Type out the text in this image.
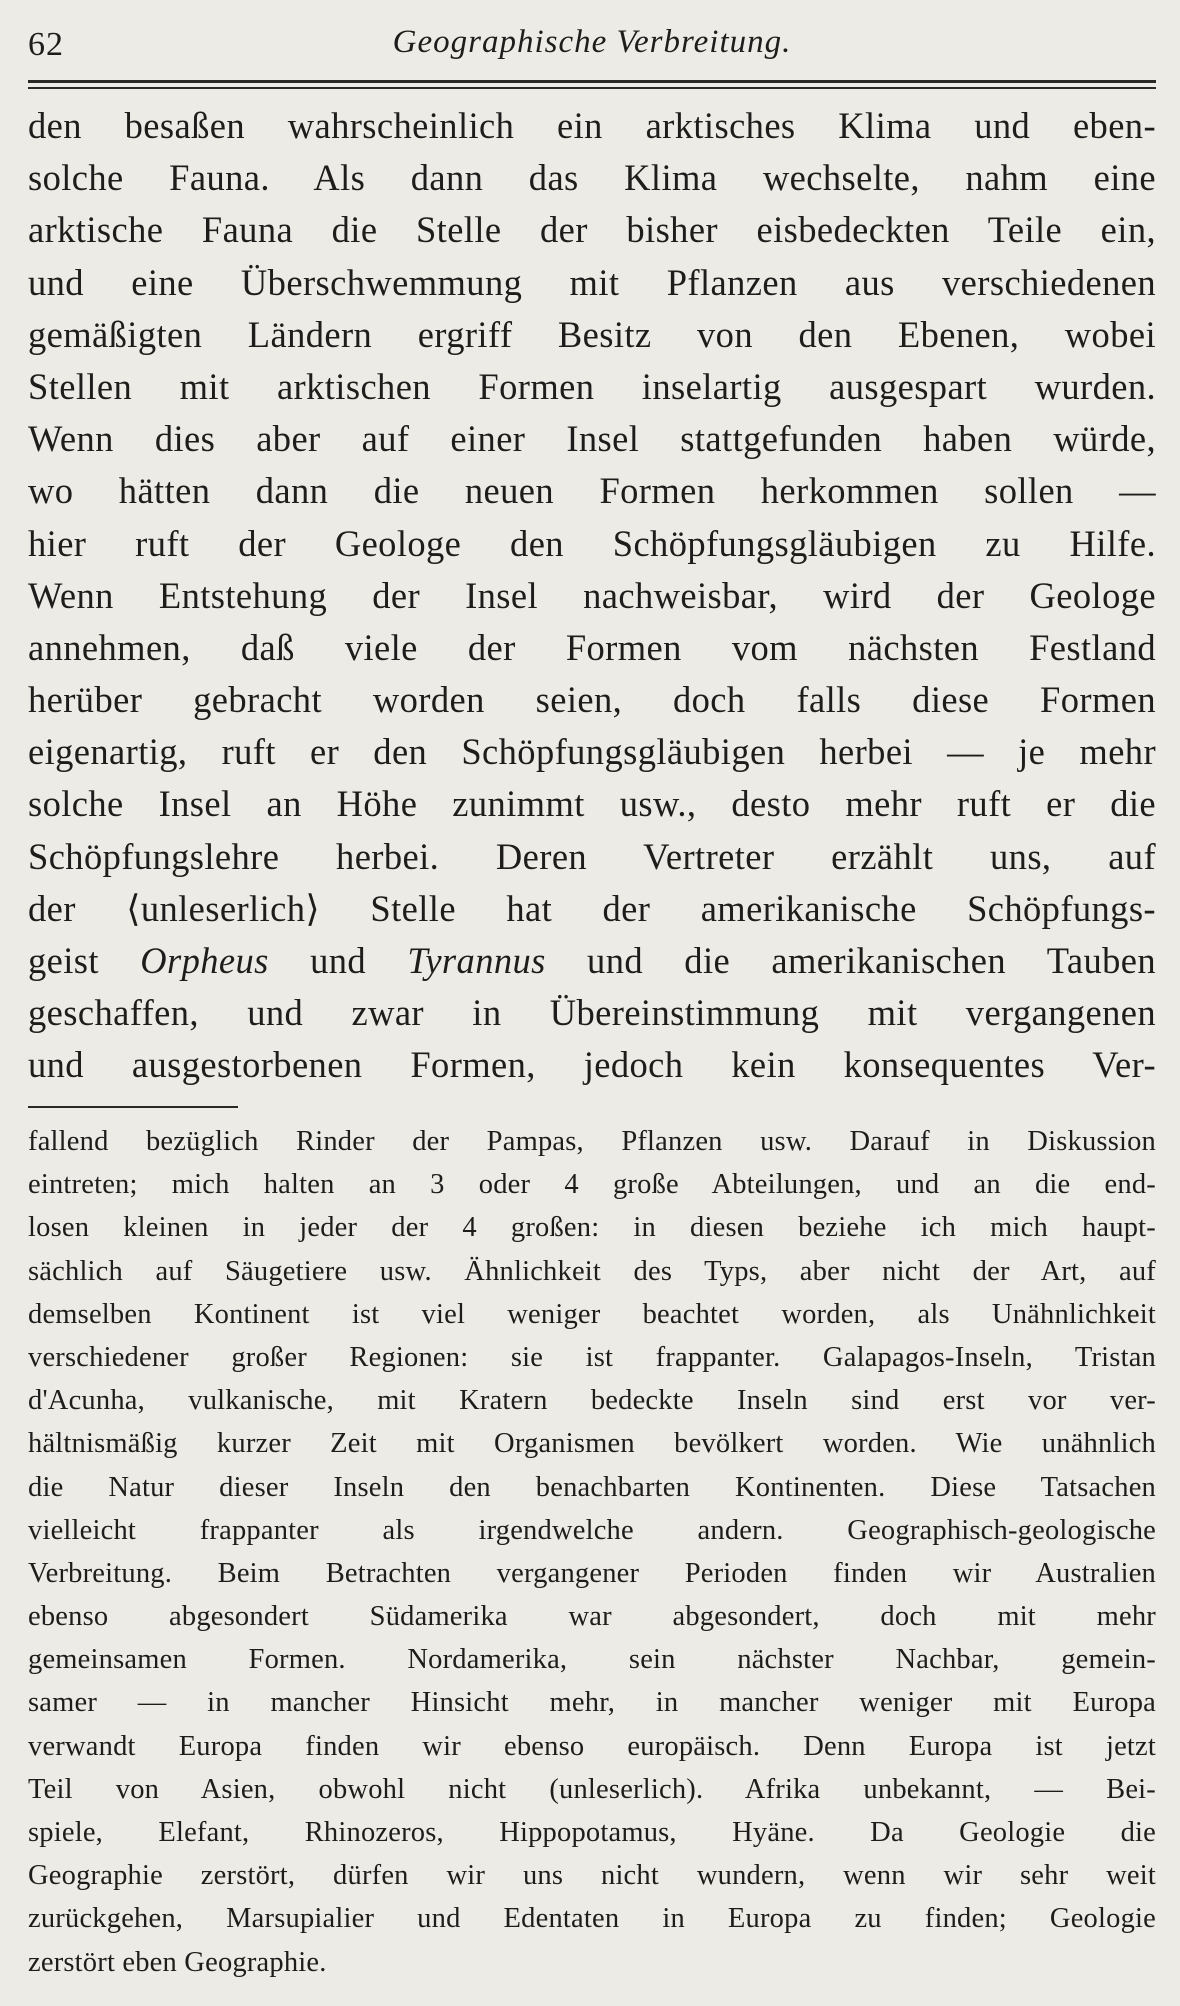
62	Geographische Verbreitung.
den besaßen wahrscheinlich ein arktisches Klima und eben-
solche Fauna. Als dann das Klima wechselte, nahm eine
arktische Fauna die Stelle der bisher eisbedeckten Teile ein,
und eine Überschwemmung mit Pflanzen aus verschiedenen
gemäßigten Ländern ergriff Besitz von den Ebenen, wobei
Stellen mit arktischen Formen inselartig ausgespart wurden.
Wenn dies aber auf einer Insel stattgefunden haben würde,
wo hätten dann die neuen Formen herkommen sollen —
hier ruft der Geologe den Schöpfungsgläubigen zu Hilfe.
Wenn Entstehung der Insel nachweisbar, wird der Geologe
annehmen, daß viele der Formen vom nächsten Festland
herüber gebracht worden seien, doch falls diese Formen
eigenartig, ruft er den Schöpfungsgläubigen herbei — je mehr
solche Insel an Höhe zunimmt usw., desto mehr ruft er die
Schöpfungslehre herbei. Deren Vertreter erzählt uns, auf
der ⟨unleserlich⟩ Stelle hat der amerikanische Schöpfungs-
geist Orpheus und Tyrannus und die amerikanischen Tauben
geschaffen, und zwar in Übereinstimmung mit vergangenen
und ausgestorbenen Formen, jedoch kein konsequentes Ver-
fallend bezüglich Rinder der Pampas, Pflanzen usw. Darauf in Diskussion
eintreten; mich halten an 3 oder 4 große Abteilungen, und an die end-
losen kleinen in jeder der 4 großen: in diesen beziehe ich mich haupt-
sächlich auf Säugetiere usw. Ähnlichkeit des Typs, aber nicht der Art, auf
demselben Kontinent ist viel weniger beachtet worden, als Unähnlichkeit
verschiedener großer Regionen: sie ist frappanter. Galapagos-Inseln, Tristan
d'Acunha, vulkanische, mit Kratern bedeckte Inseln sind erst vor ver-
hältnismäßig kurzer Zeit mit Organismen bevölkert worden. Wie unähnlich
die Natur dieser Inseln den benachbarten Kontinenten. Diese Tatsachen
vielleicht frappanter als irgendwelche andern. Geographisch-geologische
Verbreitung. Beim Betrachten vergangener Perioden finden wir Australien
ebenso abgesondert Südamerika war abgesondert, doch mit mehr
gemeinsamen Formen. Nordamerika, sein nächster Nachbar, gemein-
samer — in mancher Hinsicht mehr, in mancher weniger mit Europa
verwandt Europa finden wir ebenso europäisch. Denn Europa ist jetzt
Teil von Asien, obwohl nicht (unleserlich). Afrika unbekannt, — Bei-
spiele, Elefant, Rhinozeros, Hippopotamus, Hyäne. Da Geologie die
Geographie zerstört, dürfen wir uns nicht wundern, wenn wir sehr weit
zurückgehen, Marsupialier und Edentaten in Europa zu finden; Geologie
zerstört eben Geographie.
